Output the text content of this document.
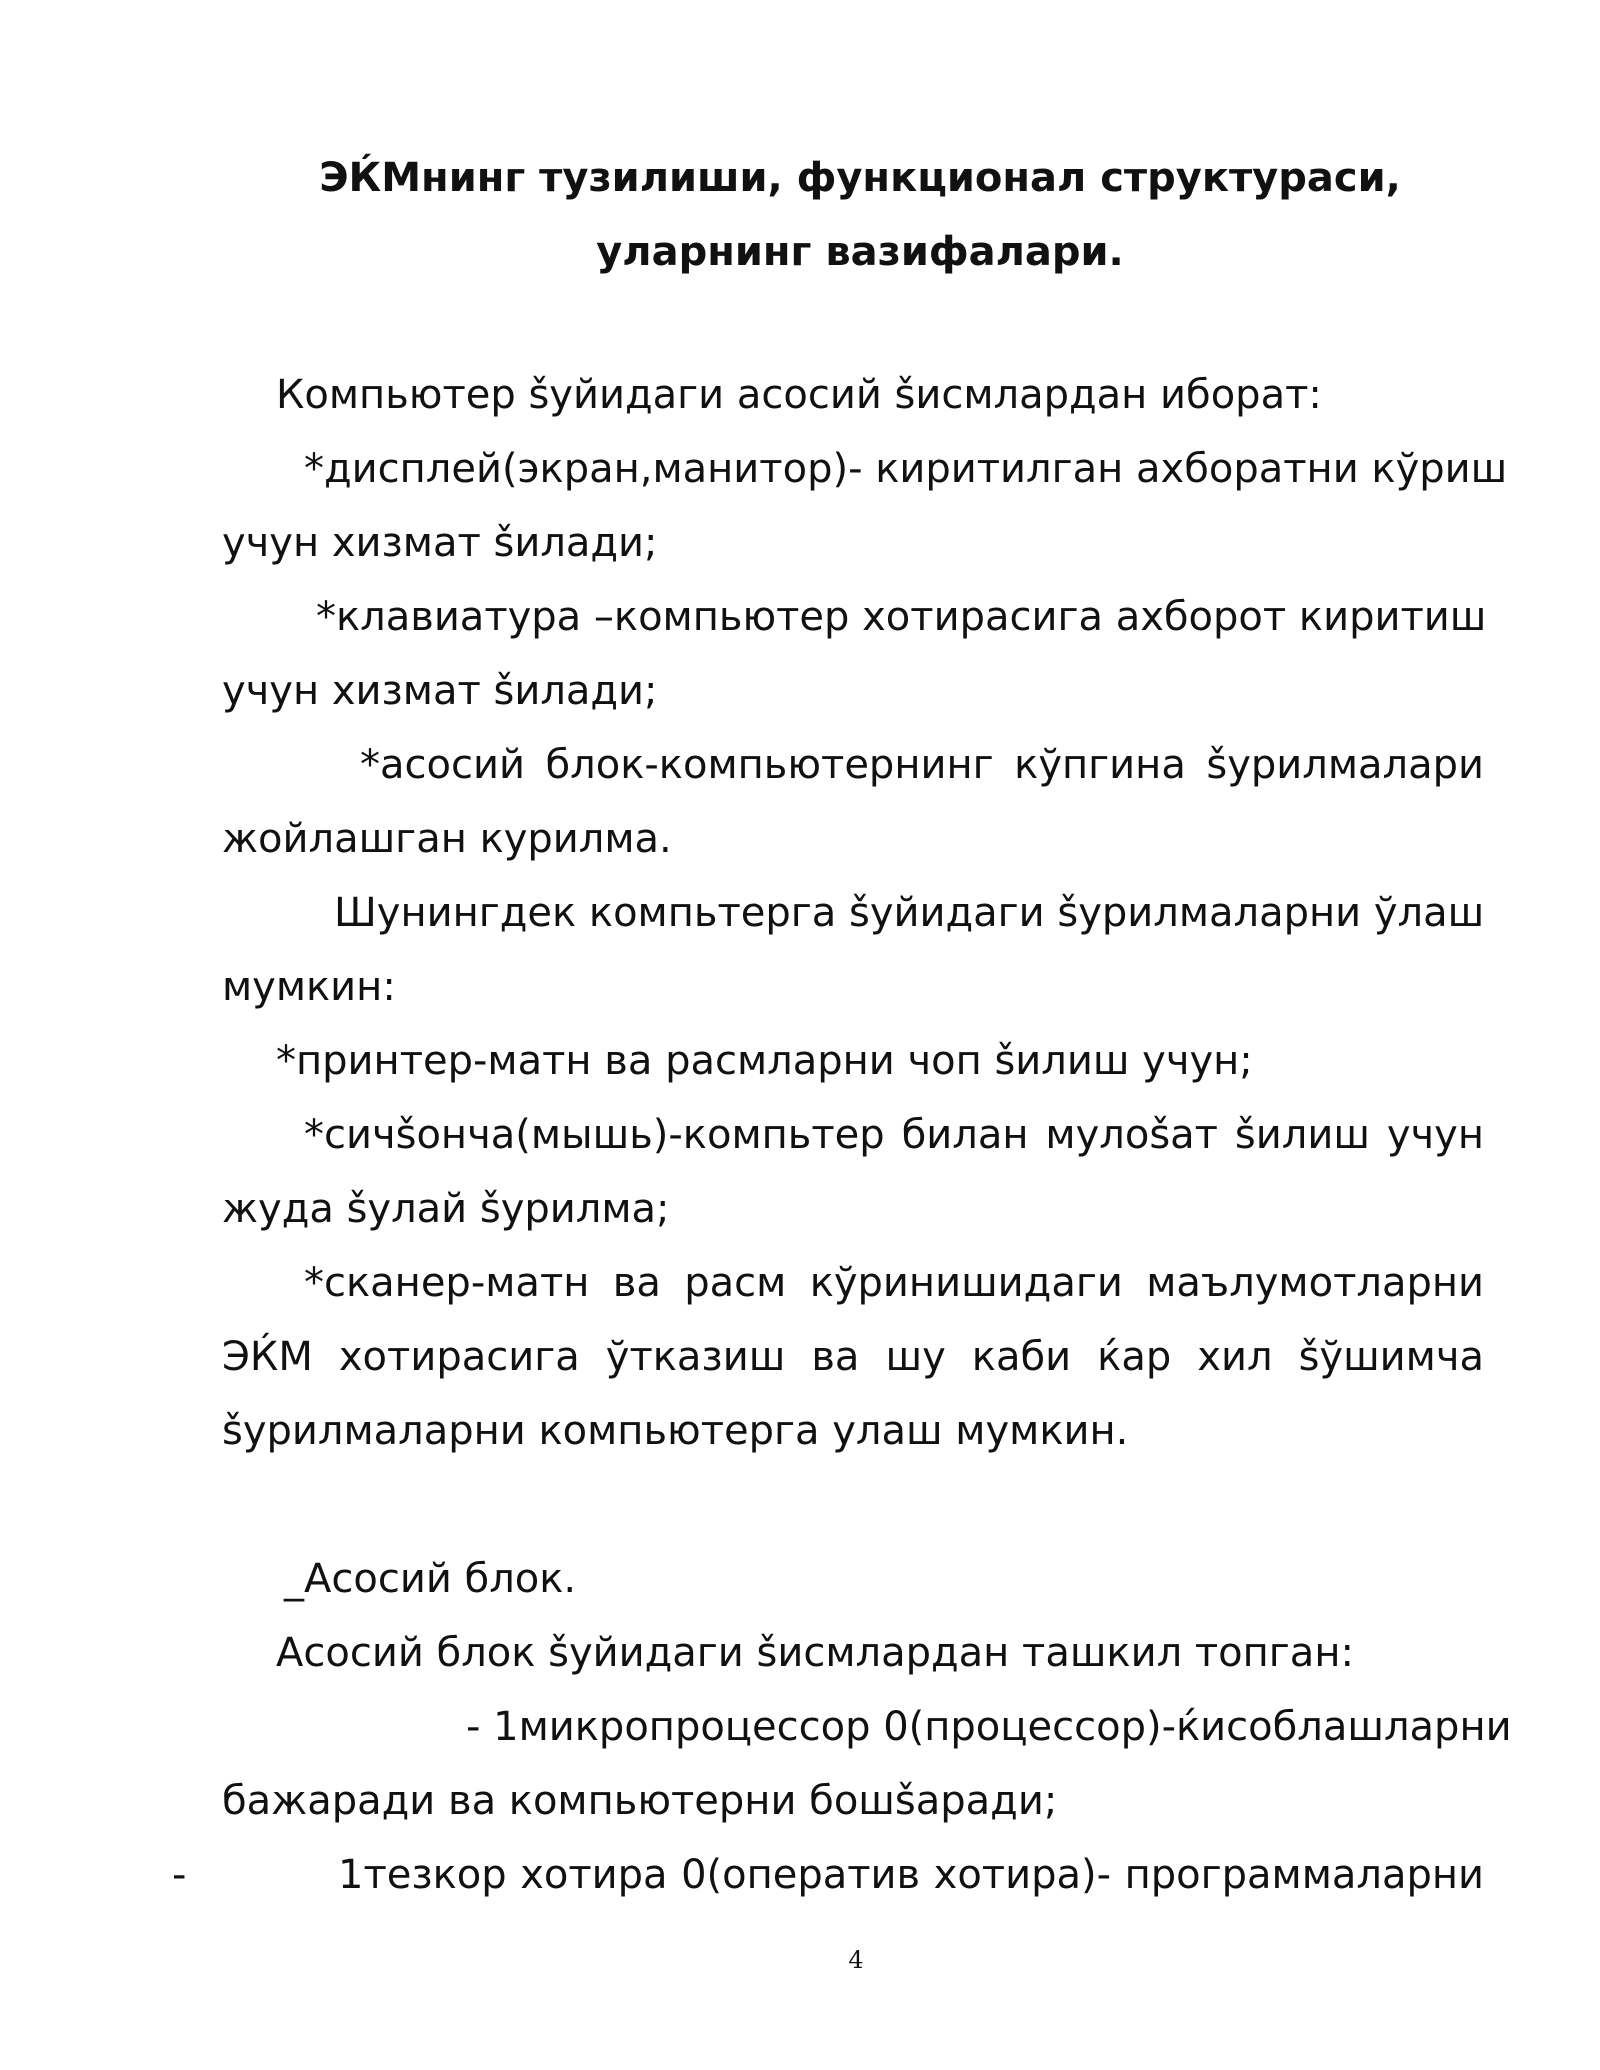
ЭЌМнинг тузилиши, функционал структураси,
уларнинг вазифалари.

Компьютер šуйидаги асосий šисмлардан иборат:

*дисплей(экран,манитор)- киритилган ахборатни кўриш

учун хизмат šилади;

*клавиатура –компьютер хотирасига ахборот киритиш

учун хизмат šилади;

*асосий блок-компьютернинг кўпгина šурилмалари

жойлашган курилма.

Шунингдек компьтерга šуйидаги šурилмаларни ўлаш

мумкин:

*принтер-матн ва расмларни чоп šилиш учун;

*сичšонча(мышь)-компьтер билан мулоšат šилиш учун

жуда šулай šурилма;

*сканер-матн ва расм кўринишидаги маълумотларни

ЭЌМ хотирасига ўтказиш ва шу каби ќар хил šўшимча

šурилмаларни компьютерга улаш мумкин.

_Асосий блок.

Асосий блок šуйидаги šисмлардан ташкил топган:

- 1микропроцессор 0(процессор)-ќисоблашларни

бажаради ва компьютерни бошšаради;

-	1тезкор хотира 0(оператив хотира)- программаларни

4
